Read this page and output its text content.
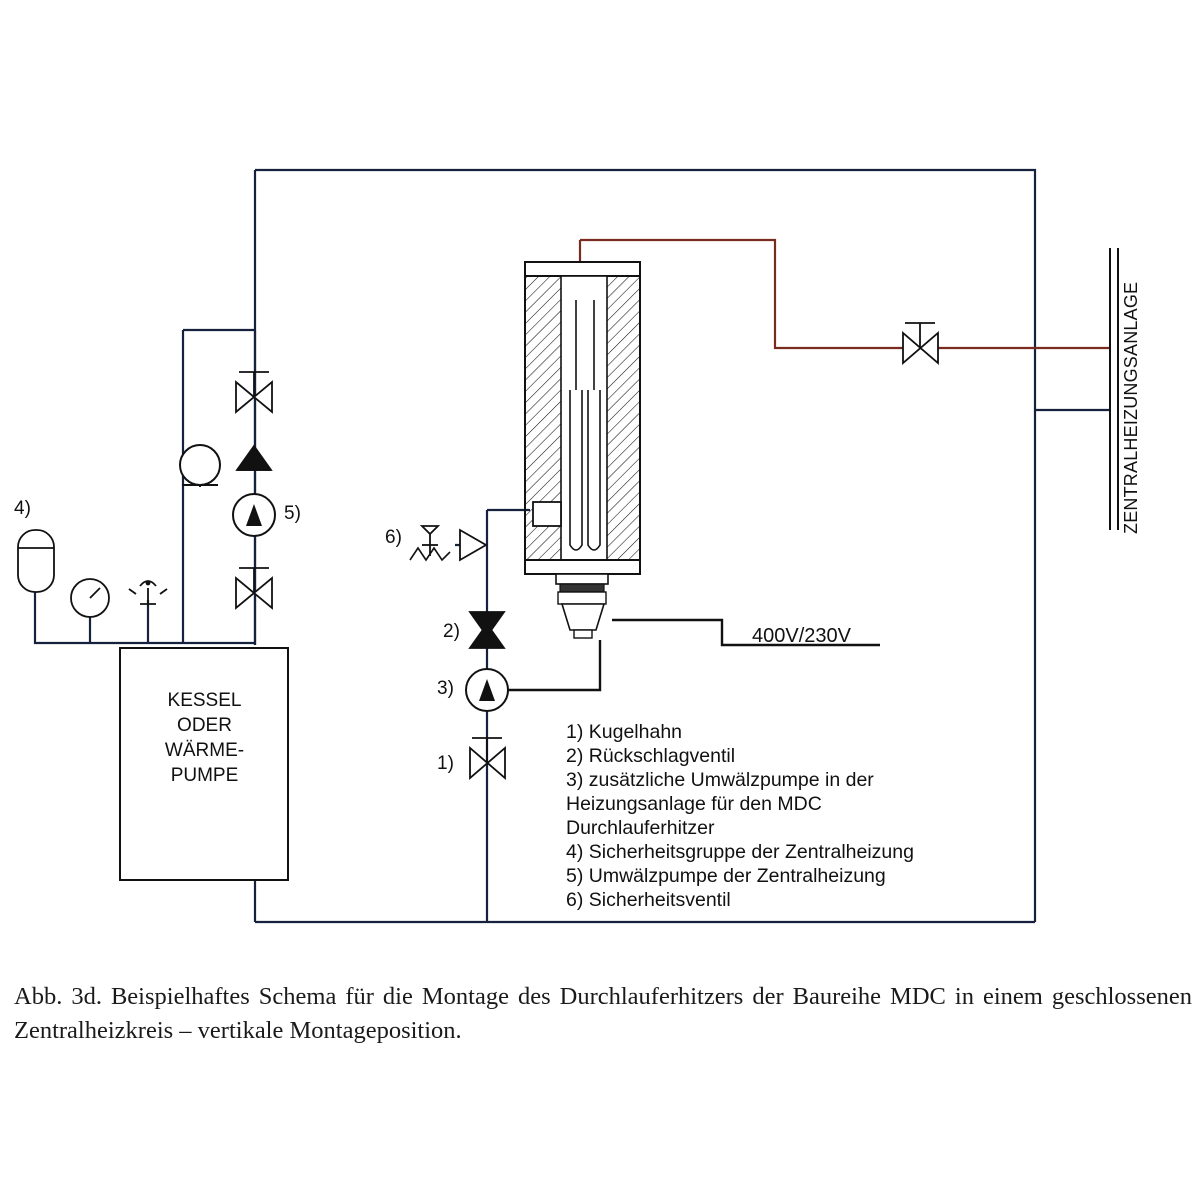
KESSEL
ODER
WÄRME-
PUMPE
ZENTRALHEIZUNGSANLAGE
400V/230V
4)	5)
6)
2)
3)
1)
1) Kugelhahn
2) Rückschlagventil
3) zusätzliche Umwälzpumpe in der
Heizungsanlage für den MDC
Durchlauferhitzer
4) Sicherheitsgruppe der Zentralheizung
5) Umwälzpumpe der Zentralheizung
6) Sicherheitsventil
Abb. 3d. Beispielhaftes Schema für die Montage des Durchlauferhitzers der Baureihe MDC in einem geschlossenen Zentralheizkreis – vertikale Montageposition.
